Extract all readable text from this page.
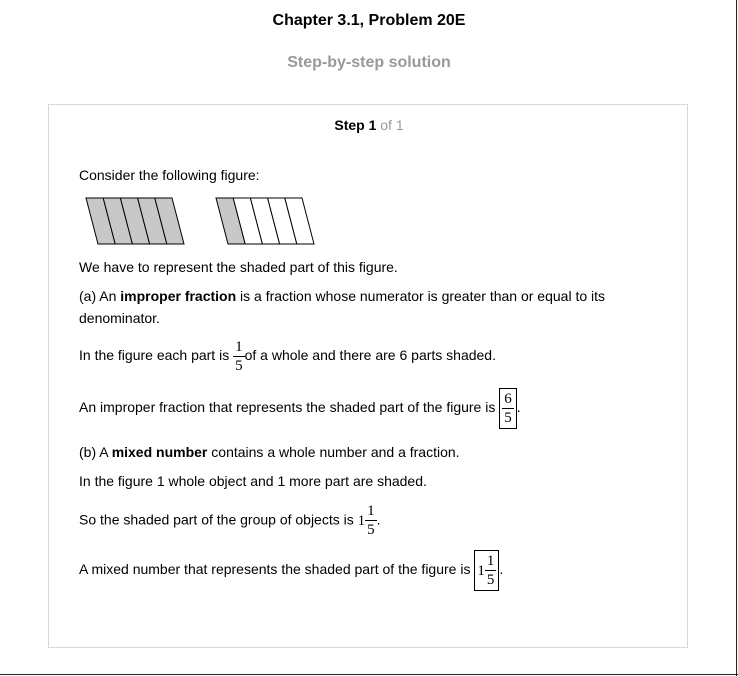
Chapter 3.1, Problem 20E
Step-by-step solution
Step 1 of 1
Consider the following figure:
We have to represent the shaded part of this figure.
(a) An improper fraction is a fraction whose numerator is greater than or equal to its denominator.
In the figure each part is $\frac{1}{5}$ of a whole and there are 6 parts shaded.
An improper fraction that represents the shaded part of the figure is $\frac{6}{5}$ .
(b) A mixed number contains a whole number and a fraction.
In the figure 1 whole object and 1 more part are shaded.
So the shaded part of the group of objects is $1 \frac{1}{5}$ .
A mixed number that represents the shaded part of the figure is $1 \frac{1}{5}$ .
